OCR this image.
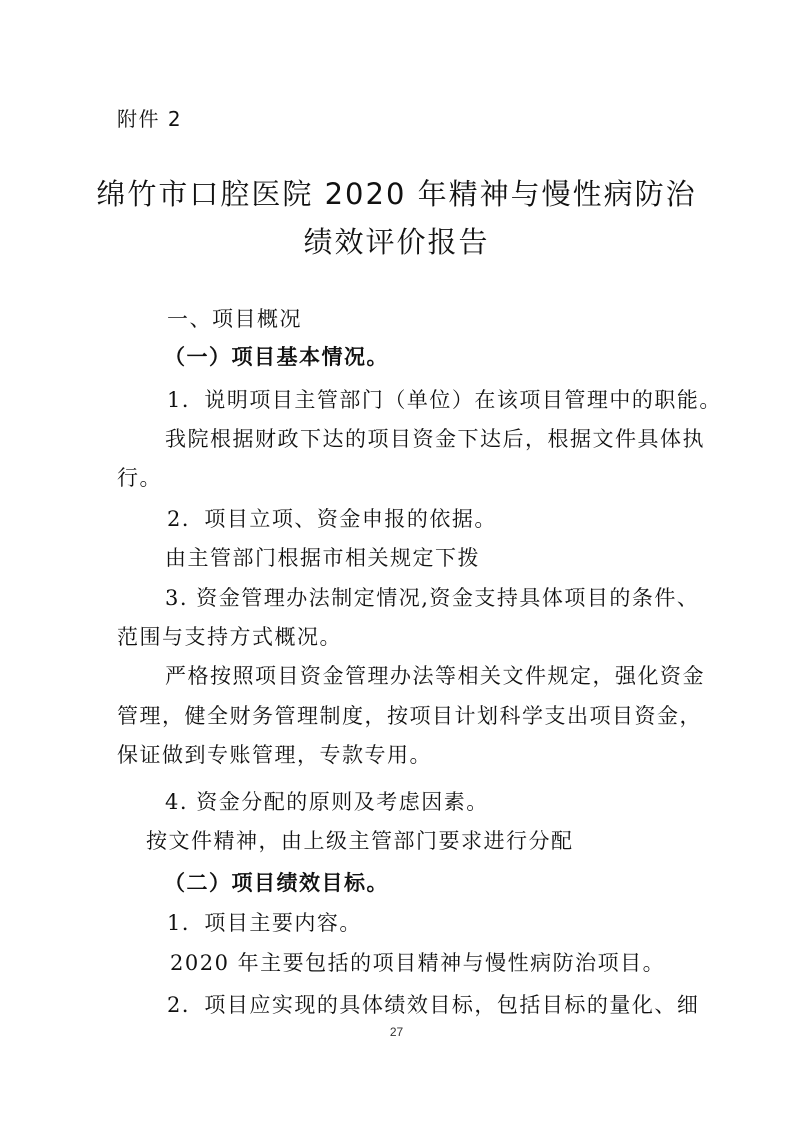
附件 2
绵竹市口腔医院 2020 年精神与慢性病防治
绩效评价报告
一、项目概况
（一）项目基本情况。
1．说明项目主管部门（单位）在该项目管理中的职能。
我院根据财政下达的项目资金下达后，根据文件具体执
行。
2．项目立项、资金申报的依据。
由主管部门根据市相关规定下拨
3. 资金管理办法制定情况,资金支持具体项目的条件、
范围与支持方式概况。
严格按照项目资金管理办法等相关文件规定，强化资金
管理，健全财务管理制度，按项目计划科学支出项目资金，
保证做到专账管理，专款专用。
4. 资金分配的原则及考虑因素。
按文件精神，由上级主管部门要求进行分配
（二）项目绩效目标。
1．项目主要内容。
2020 年主要包括的项目精神与慢性病防治项目。
2．项目应实现的具体绩效目标，包括目标的量化、细
27
